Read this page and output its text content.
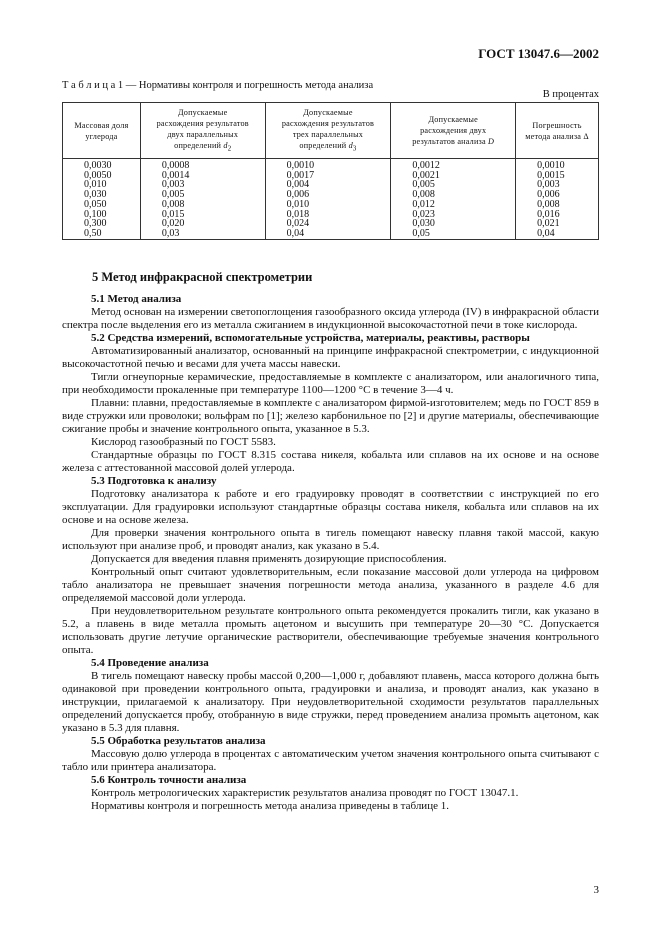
ГОСТ 13047.6—2002
Т а б л и ц а 1 — Нормативы контроля и погрешность метода анализа
В процентах
Массовая доля
углерода	Допускаемые
расхождения результатов
двух параллельных
определений $d_2$	Допускаемые
расхождения результатов
трех параллельных
определений $d_3$	Допускаемые
расхождения двух
результатов анализа D	Погрешность
метода анализа Δ
0,0030	0,0008	0,0010	0,0012	0,0010
0,0050	0,0014	0,0017	0,0021	0,0015
0,010	0,003	0,004	0,005	0,003
0,030	0,005	0,006	0,008	0,006
0,050	0,008	0,010	0,012	0,008
0,100	0,015	0,018	0,023	0,016
0,300	0,020	0,024	0,030	0,021
0,50	0,03	0,04	0,05	0,04
5 Метод инфракрасной спектрометрии

5.1 Метод анализа

Метод основан на измерении светопоглощения газообразного оксида углерода (IV) в инфракрасной области спектра после выделения его из металла сжиганием в индукционной высокочастотной печи в токе кислорода.

5.2 Средства измерений, вспомогательные устройства, материалы, реактивы, растворы

Автоматизированный анализатор, основанный на принципе инфракрасной спектрометрии, с индукционной высокочастотной печью и весами для учета массы навески.

Тигли огнеупорные керамические, предоставляемые в комплекте с анализатором, или аналогичного типа, при необходимости прокаленные при температуре 1100—1200 °С в течение 3—4 ч.

Плавни: плавни, предоставляемые в комплекте с анализатором фирмой-изготовителем; медь по ГОСТ 859 в виде стружки или проволоки; вольфрам по [1]; железо карбонильное по [2] и другие материалы, обеспечивающие сжигание пробы и значение контрольного опыта, указанное в 5.3.

Кислород газообразный по ГОСТ 5583.

Стандартные образцы по ГОСТ 8.315 состава никеля, кобальта или сплавов на их основе и на основе железа с аттестованной массовой долей углерода.

5.3 Подготовка к анализу

Подготовку анализатора к работе и его градуировку проводят в соответствии с инструкцией по его эксплуатации. Для градуировки используют стандартные образцы состава никеля, кобальта или сплавов на их основе и на основе железа.

Для проверки значения контрольного опыта в тигель помещают навеску плавня такой массой, какую используют при анализе проб, и проводят анализ, как указано в 5.4.

Допускается для введения плавня применять дозирующие приспособления.

Контрольный опыт считают удовлетворительным, если показание массовой доли углерода на цифровом табло анализатора не превышает значения погрешности метода анализа, указанного в разделе 4.6 для определяемой массовой доли углерода.

При неудовлетворительном результате контрольного опыта рекомендуется прокалить тигли, как указано в 5.2, а плавень в виде металла промыть ацетоном и высушить при температуре 20—30 °С. Допускается использовать другие летучие органические растворители, обеспечивающие требуемые значения контрольного опыта.

5.4 Проведение анализа

В тигель помещают навеску пробы массой 0,200—1,000 г, добавляют плавень, масса которого должна быть одинаковой при проведении контрольного опыта, градуировки и анализа, и проводят анализ, как указано в инструкции, прилагаемой к анализатору. При неудовлетворительной сходимости результатов параллельных определений допускается пробу, отобранную в виде стружки, перед проведением анализа промыть ацетоном, как указано в 5.3 для плавня.

5.5 Обработка результатов анализа

Массовую долю углерода в процентах с автоматическим учетом значения контрольного опыта считывают с табло или принтера анализатора.

5.6 Контроль точности анализа

Контроль метрологических характеристик результатов анализа проводят по ГОСТ 13047.1.

Нормативы контроля и погрешность метода анализа приведены в таблице 1.

3
